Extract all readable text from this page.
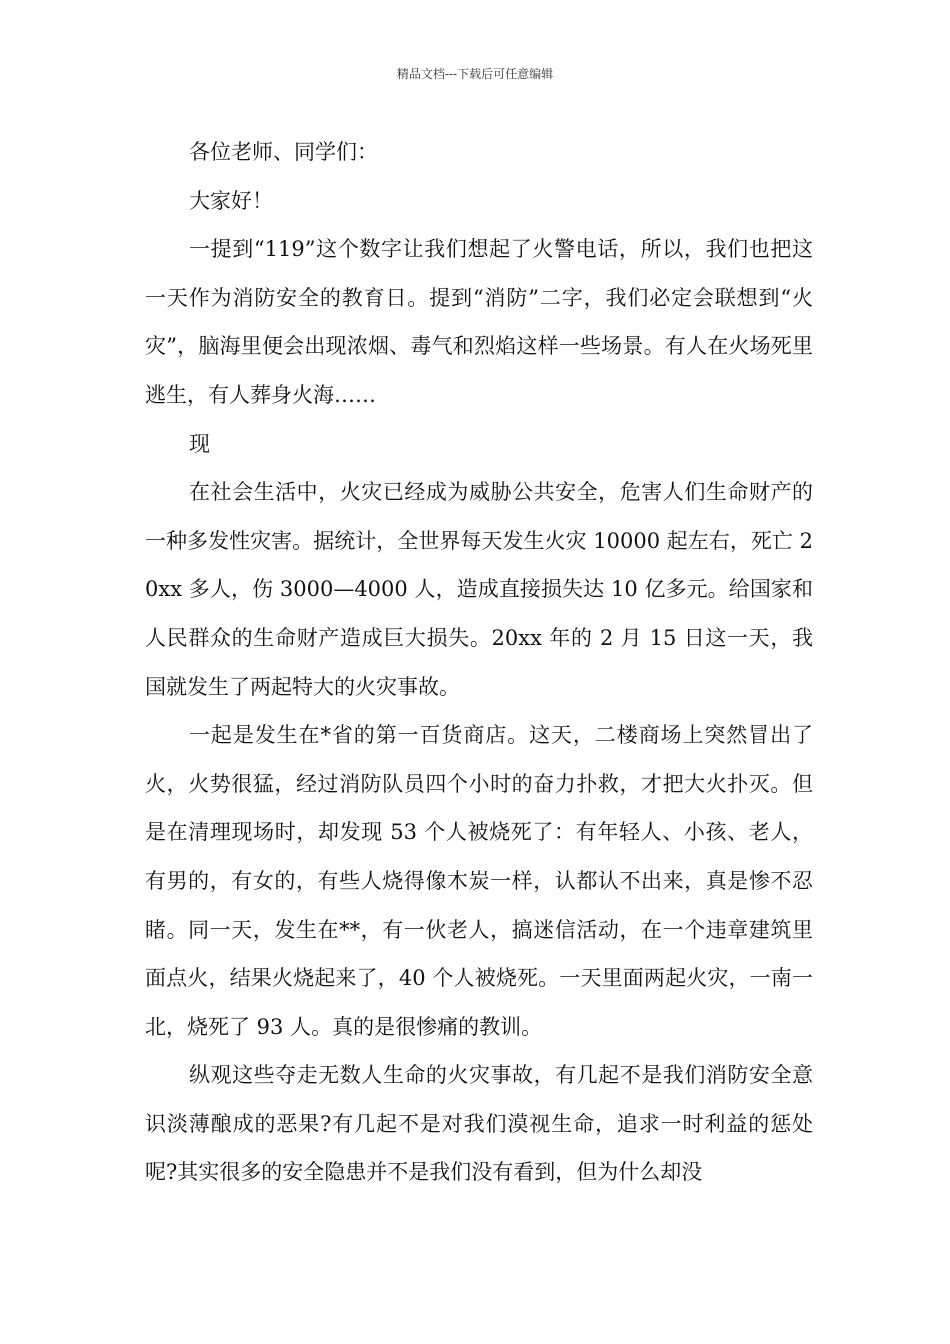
精品文档---下载后可任意编辑

各位老师、同学们：

大家好！

一提到“119”这个数字让我们想起了火警电话，所以，我们也把这一天作为消防安全的教育日。提到“消防”二字，我们必定会联想到“火灾”，脑海里便会出现浓烟、毒气和烈焰这样一些场景。有人在火场死里逃生，有人葬身火海……

现

在社会生活中，火灾已经成为威胁公共安全，危害人们生命财产的一种多发性灾害。据统计，全世界每天发生火灾 10000 起左右，死亡 20xx 多人，伤 3000—4000 人，造成直接损失达 10 亿多元。给国家和人民群众的生命财产造成巨大损失。20xx 年的 2 月 15 日这一天，我国就发生了两起特大的火灾事故。

一起是发生在*省的第一百货商店。这天，二楼商场上突然冒出了火，火势很猛，经过消防队员四个小时的奋力扑救，才把大火扑灭。但是在清理现场时，却发现 53 个人被烧死了：有年轻人、小孩、老人，有男的，有女的，有些人烧得像木炭一样，认都认不出来，真是惨不忍睹。同一天，发生在**，有一伙老人，搞迷信活动，在一个违章建筑里面点火，结果火烧起来了，40 个人被烧死。一天里面两起火灾，一南一北，烧死了 93 人。真的是很惨痛的教训。

纵观这些夺走无数人生命的火灾事故，有几起不是我们消防安全意识淡薄酿成的恶果?有几起不是对我们漠视生命，追求一时利益的惩处呢?其实很多的安全隐患并不是我们没有看到，但为什么却没
